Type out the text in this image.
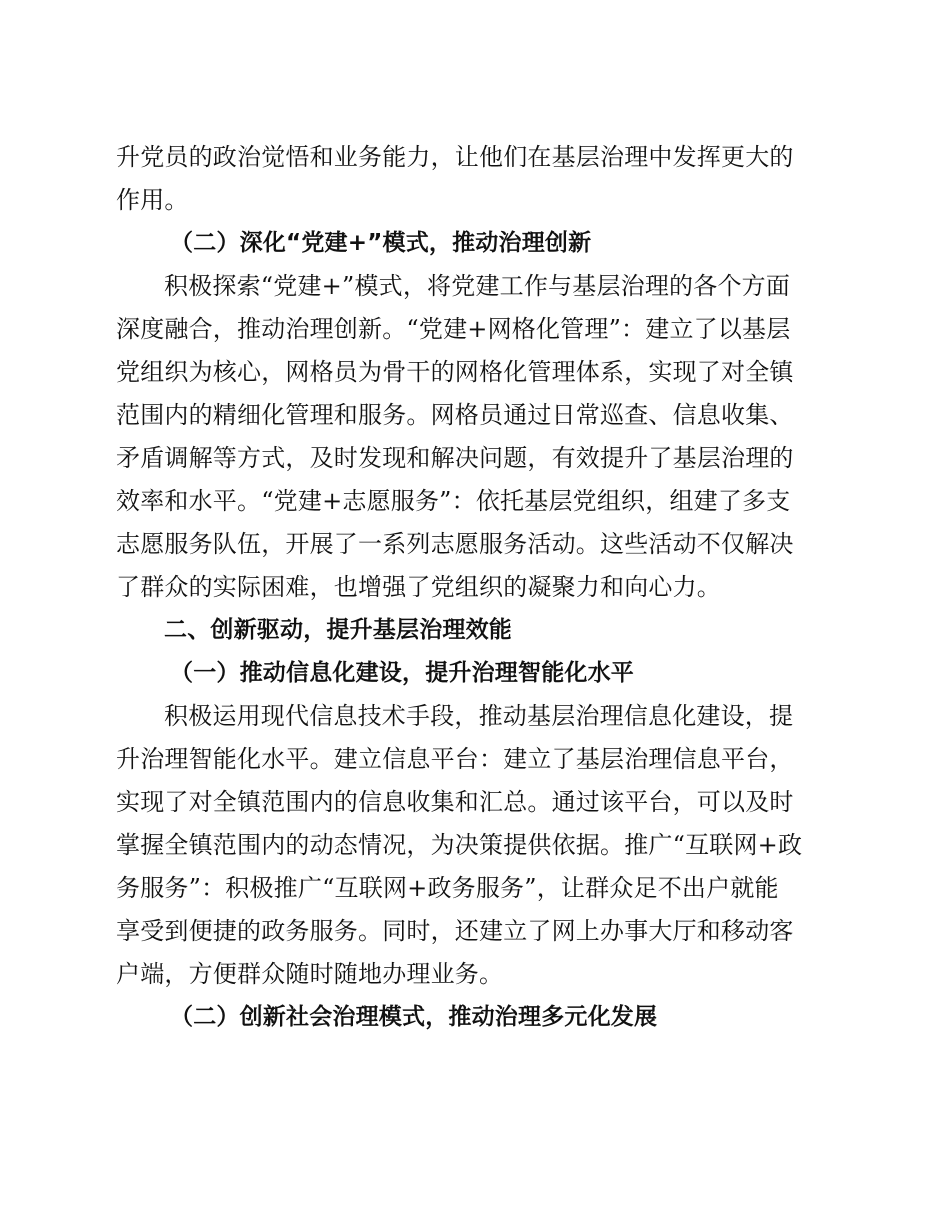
升党员的政治觉悟和业务能力，让他们在基层治理中发挥更大的
作用。
（二）深化“党建+”模式，推动治理创新
积极探索“党建+”模式，将党建工作与基层治理的各个方面
深度融合，推动治理创新。“党建+网格化管理”：建立了以基层
党组织为核心，网格员为骨干的网格化管理体系，实现了对全镇
范围内的精细化管理和服务。网格员通过日常巡查、信息收集、
矛盾调解等方式，及时发现和解决问题，有效提升了基层治理的
效率和水平。“党建+志愿服务”：依托基层党组织，组建了多支
志愿服务队伍，开展了一系列志愿服务活动。这些活动不仅解决
了群众的实际困难，也增强了党组织的凝聚力和向心力。
二、创新驱动，提升基层治理效能
（一）推动信息化建设，提升治理智能化水平
积极运用现代信息技术手段，推动基层治理信息化建设，提
升治理智能化水平。建立信息平台：建立了基层治理信息平台，
实现了对全镇范围内的信息收集和汇总。通过该平台，可以及时
掌握全镇范围内的动态情况，为决策提供依据。推广“互联网+政
务服务”：积极推广“互联网+政务服务”，让群众足不出户就能
享受到便捷的政务服务。同时，还建立了网上办事大厅和移动客
户端，方便群众随时随地办理业务。
（二）创新社会治理模式，推动治理多元化发展
